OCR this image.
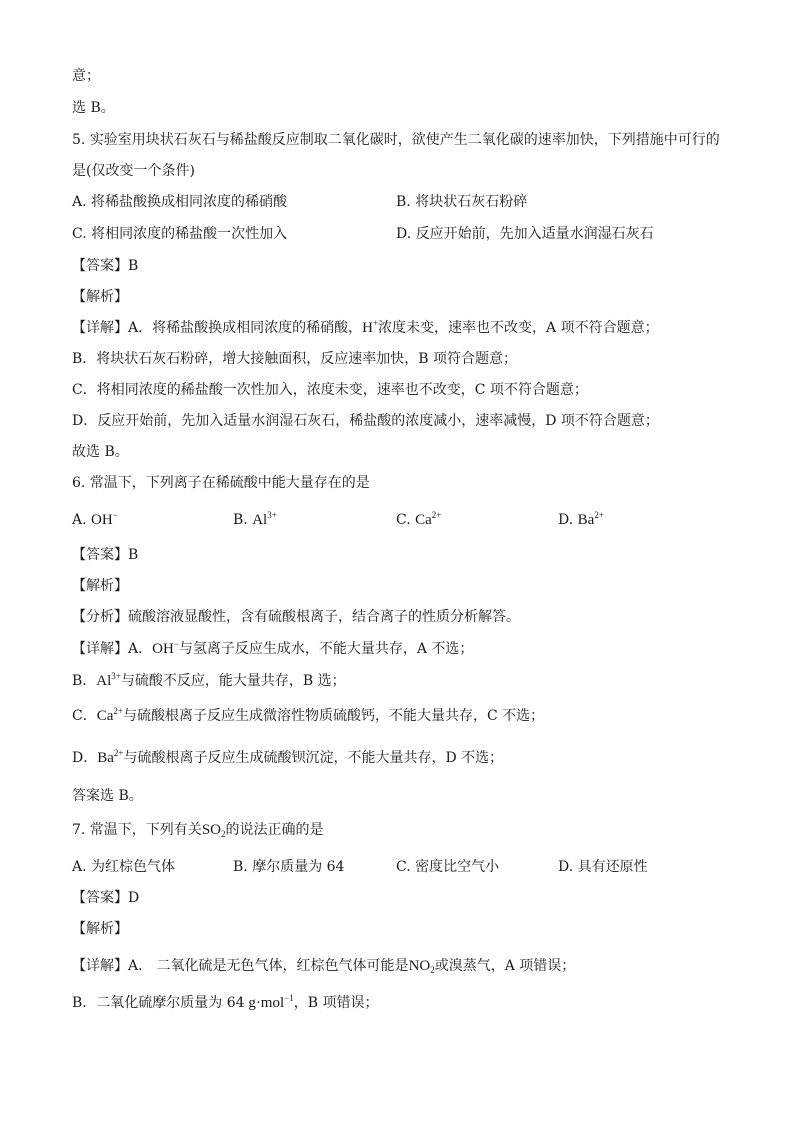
意；
选 B。
5. 实验室用块状石灰石与稀盐酸反应制取二氧化碳时，欲使产生二氧化碳的速率加快，下列措施中可行的
是(仅改变一个条件)
A. 将稀盐酸换成相同浓度的稀硝酸	B. 将块状石灰石粉碎
C. 将相同浓度的稀盐酸一次性加入	D. 反应开始前，先加入适量水润湿石灰石
【答案】B
【解析】
【详解】A．将稀盐酸换成相同浓度的稀硝酸，H+浓度未变，速率也不改变，A 项不符合题意；
B．将块状石灰石粉碎，增大接触面积，反应速率加快，B 项符合题意；
C．将相同浓度的稀盐酸一次性加入，浓度未变，速率也不改变，C 项不符合题意；
D．反应开始前，先加入适量水润湿石灰石，稀盐酸的浓度减小，速率减慢，D 项不符合题意；
故选 B。
6. 常温下，下列离子在稀硫酸中能大量存在的是
A. OH−	B. $Al^{3+}$	C. $Ca^{2+}$	D. $Ba^{2+}$
【答案】B
【解析】
【分析】硫酸溶液显酸性，含有硫酸根离子，结合离子的性质分析解答。
【详解】A．OH−与氢离子反应生成水，不能大量共存，A 不选；
B．$Al^{3+}$与硫酸不反应，能大量共存，B 选；
C．$Ca^{2+}$与硫酸根离子反应生成微溶性物质硫酸钙，不能大量共存，C 不选；
D．$Ba^{2+}$与硫酸根离子反应生成硫酸钡沉淀，不能大量共存，D 不选；
答案选 B。
7. 常温下，下列有关$SO_2$的说法正确的是
A. 为红棕色气体	B. 摩尔质量为 64	C. 密度比空气小	D. 具有还原性
【答案】D
【解析】
【详解】A． 二氧化硫是无色气体，红棕色气体可能是$NO_2$或溴蒸气，A 项错误；
B．二氧化硫摩尔质量为 64 g·mol$^{-1}$，B 项错误；
